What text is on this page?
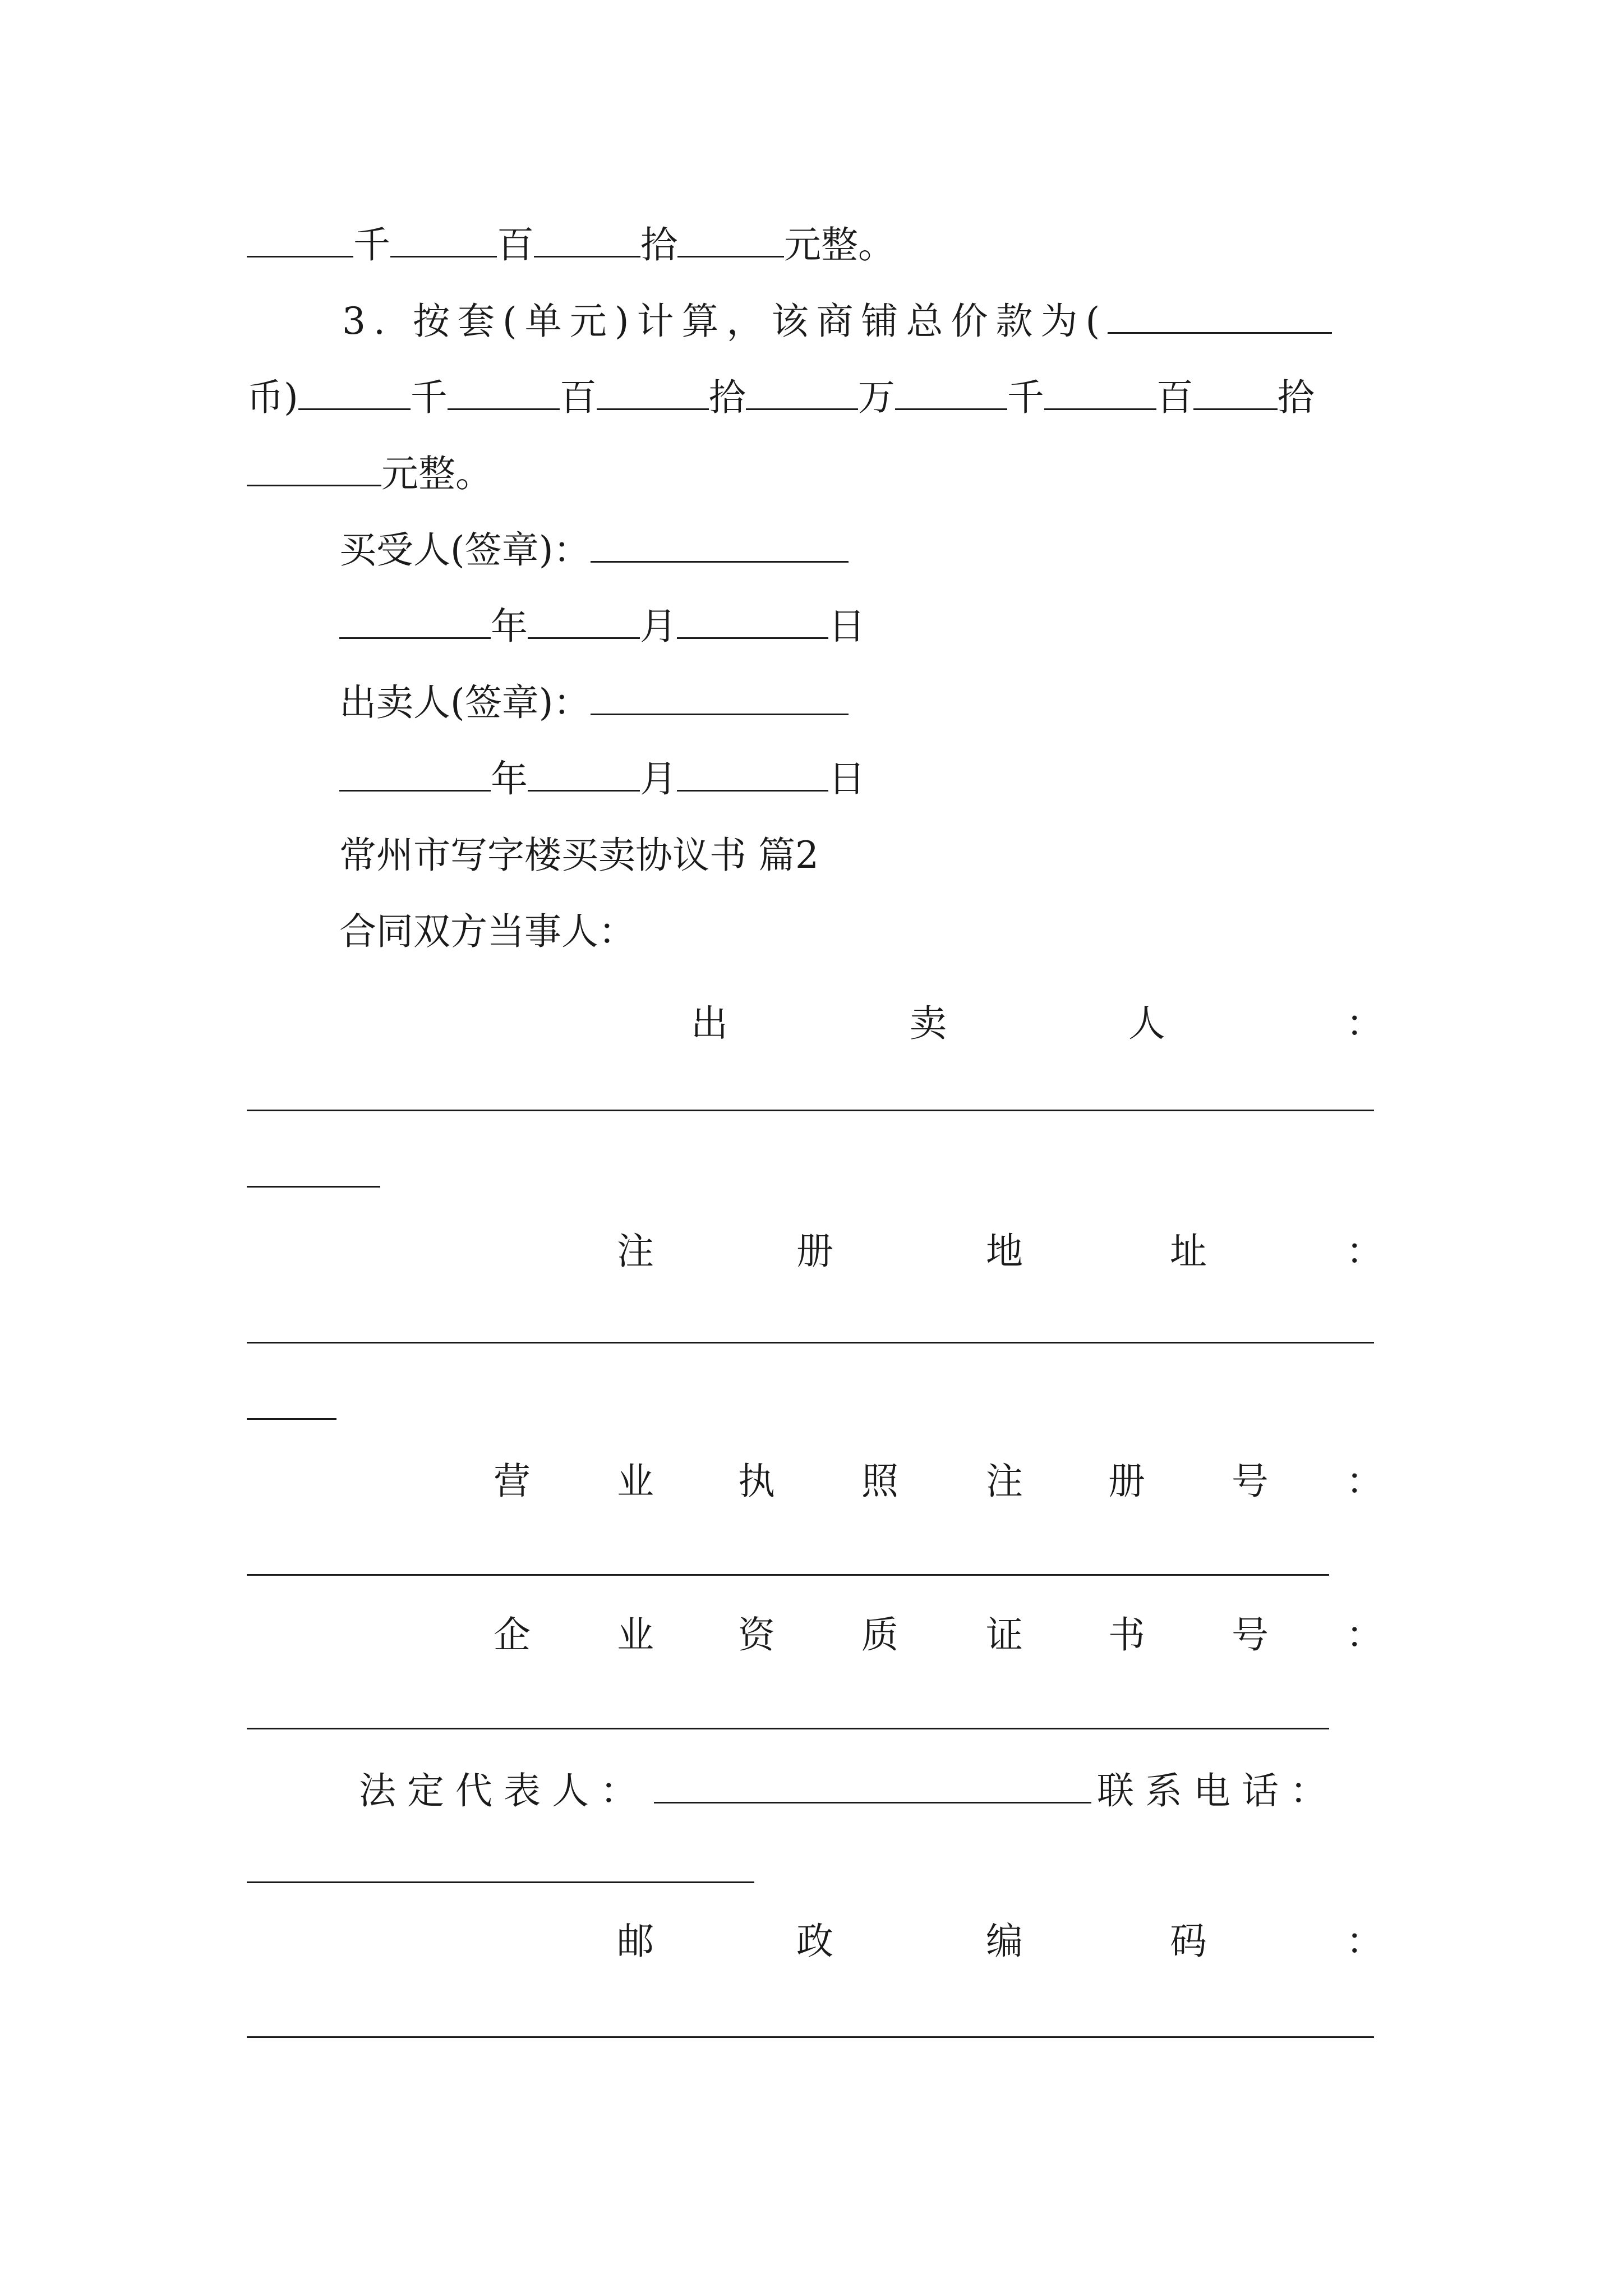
千	百	拾	元整。
3. 按套(单元)计算，该商铺总价款为(
币)	千	百	拾	万	千	百 拾
元整。
买受人(签章)：
年	月	日
出卖人(签章)：
年	月	日
常州市写字楼买卖协议书 篇2
合同双方当事人：
出	卖	人	：
注	册	地	址	：
营 业 执 照 注 册 号 ：
企 业 资 质 证 书 号 ：
法定代表人：	联系电话：
邮	政	编	码	：
